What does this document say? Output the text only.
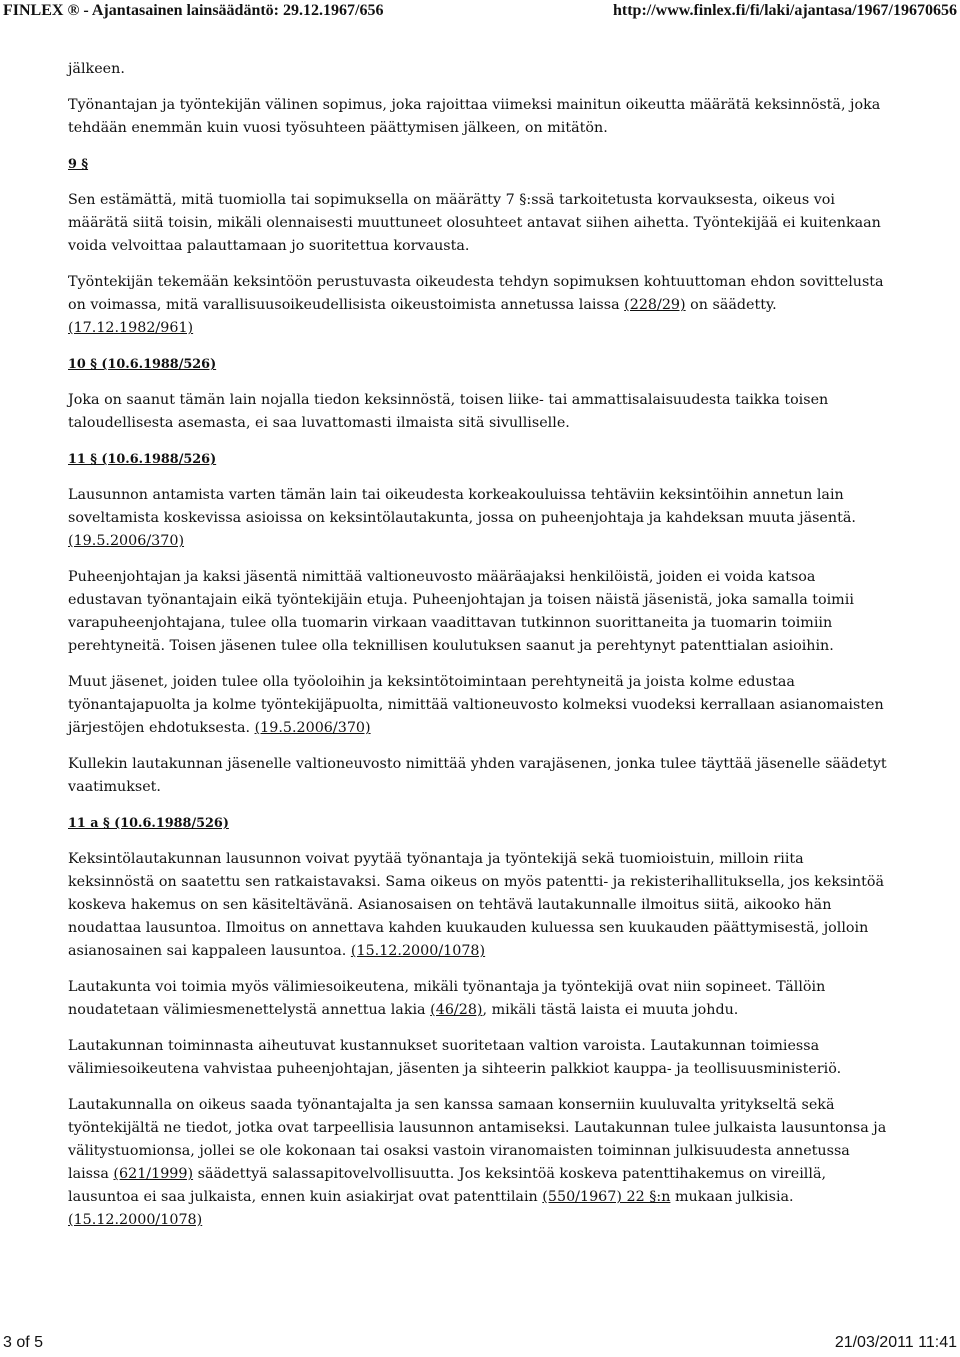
FINLEX ® - Ajantasainen lainsäädäntö: 29.12.1967/656	http://www.finlex.fi/fi/laki/ajantasa/1967/19670656

jälkeen.

Työnantajan ja työntekijän välinen sopimus, joka rajoittaa viimeksi mainitun oikeutta määrätä keksinnöstä, joka tehdään enemmän kuin vuosi työsuhteen päättymisen jälkeen, on mitätön.

9 §

Sen estämättä, mitä tuomiolla tai sopimuksella on määrätty 7 §:ssä tarkoitetusta korvauksesta, oikeus voi määrätä siitä toisin, mikäli olennaisesti muuttuneet olosuhteet antavat siihen aihetta. Työntekijää ei kuitenkaan voida velvoittaa palauttamaan jo suoritettua korvausta.

Työntekijän tekemään keksintöön perustuvasta oikeudesta tehdyn sopimuksen kohtuuttoman ehdon sovittelusta on voimassa, mitä varallisuusoikeudellisista oikeustoimista annetussa laissa (228/29) on säädetty. (17.12.1982/961)

10 § (10.6.1988/526)

Joka on saanut tämän lain nojalla tiedon keksinnöstä, toisen liike- tai ammattisalaisuudesta taikka toisen taloudellisesta asemasta, ei saa luvattomasti ilmaista sitä sivulliselle.

11 § (10.6.1988/526)

Lausunnon antamista varten tämän lain tai oikeudesta korkeakouluissa tehtäviin keksintöihin annetun lain soveltamista koskevissa asioissa on keksintölautakunta, jossa on puheenjohtaja ja kahdeksan muuta jäsentä. (19.5.2006/370)

Puheenjohtajan ja kaksi jäsentä nimittää valtioneuvosto määräajaksi henkilöistä, joiden ei voida katsoa edustavan työnantajain eikä työntekijäin etuja. Puheenjohtajan ja toisen näistä jäsenistä, joka samalla toimii varapuheenjohtajana, tulee olla tuomarin virkaan vaadittavan tutkinnon suorittaneita ja tuomarin toimiin perehtyneitä. Toisen jäsenen tulee olla teknillisen koulutuksen saanut ja perehtynyt patenttialan asioihin.

Muut jäsenet, joiden tulee olla työoloihin ja keksintötoimintaan perehtyneitä ja joista kolme edustaa työnantajapuolta ja kolme työntekijäpuolta, nimittää valtioneuvosto kolmeksi vuodeksi kerrallaan asianomaisten järjestöjen ehdotuksesta. (19.5.2006/370)

Kullekin lautakunnan jäsenelle valtioneuvosto nimittää yhden varajäsenen, jonka tulee täyttää jäsenelle säädetyt vaatimukset.

11 a § (10.6.1988/526)

Keksintölautakunnan lausunnon voivat pyytää työnantaja ja työntekijä sekä tuomioistuin, milloin riita keksinnöstä on saatettu sen ratkaistavaksi. Sama oikeus on myös patentti- ja rekisterihallituksella, jos keksintöä koskeva hakemus on sen käsiteltävänä. Asianosaisen on tehtävä lautakunnalle ilmoitus siitä, aikooko hän noudattaa lausuntoa. Ilmoitus on annettava kahden kuukauden kuluessa sen kuukauden päättymisestä, jolloin asianosainen sai kappaleen lausuntoa. (15.12.2000/1078)

Lautakunta voi toimia myös välimiesoikeutena, mikäli työnantaja ja työntekijä ovat niin sopineet. Tällöin noudatetaan välimiesmenettelystä annettua lakia (46/28), mikäli tästä laista ei muuta johdu.

Lautakunnan toiminnasta aiheutuvat kustannukset suoritetaan valtion varoista. Lautakunnan toimiessa välimiesoikeutena vahvistaa puheenjohtajan, jäsenten ja sihteerin palkkiot kauppa- ja teollisuusministeriö.

Lautakunnalla on oikeus saada työnantajalta ja sen kanssa samaan konserniin kuuluvalta yritykseltä sekä työntekijältä ne tiedot, jotka ovat tarpeellisia lausunnon antamiseksi. Lautakunnan tulee julkaista lausuntonsa ja välitystuomionsa, jollei se ole kokonaan tai osaksi vastoin viranomaisten toiminnan julkisuudesta annetussa laissa (621/1999) säädettyä salassapitovelvollisuutta. Jos keksintöä koskeva patenttihakemus on vireillä, lausuntoa ei saa julkaista, ennen kuin asiakirjat ovat patenttilain (550/1967) 22 §:n mukaan julkisia. (15.12.2000/1078)

3 of 5	21/03/2011 11:41
